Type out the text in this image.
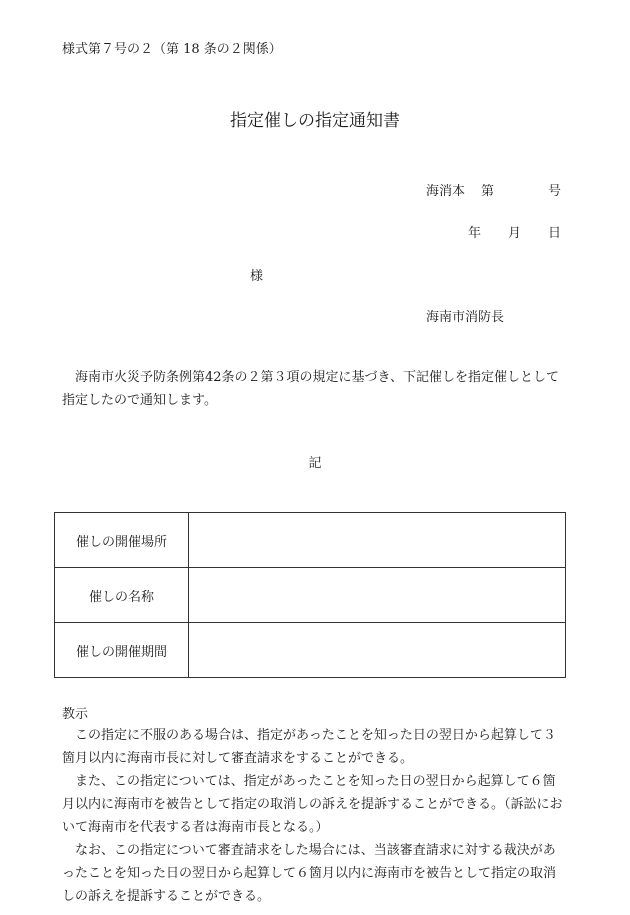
様式第７号の２（第 18 条の２関係）
指定催しの指定通知書
海消本 第	号
年 月 日
様
海南市消防長
海南市火災予防条例第42条の２第３項の規定に基づき、下記催しを指定催しとして指定したので通知します。
記
催しの開催場所	
催しの名称	
催しの開催期間	
教示
この指定に不服のある場合は、指定があったことを知った日の翌日から起算して３箇月以内に海南市長に対して審査請求をすることができる。
また、この指定については、指定があったことを知った日の翌日から起算して６箇月以内に海南市を被告として指定の取消しの訴えを提訴することができる。（訴訟において海南市を代表する者は海南市長となる。）
なお、この指定について審査請求をした場合には、当該審査請求に対する裁決があったことを知った日の翌日から起算して６箇月以内に海南市を被告として指定の取消しの訴えを提訴することができる。
